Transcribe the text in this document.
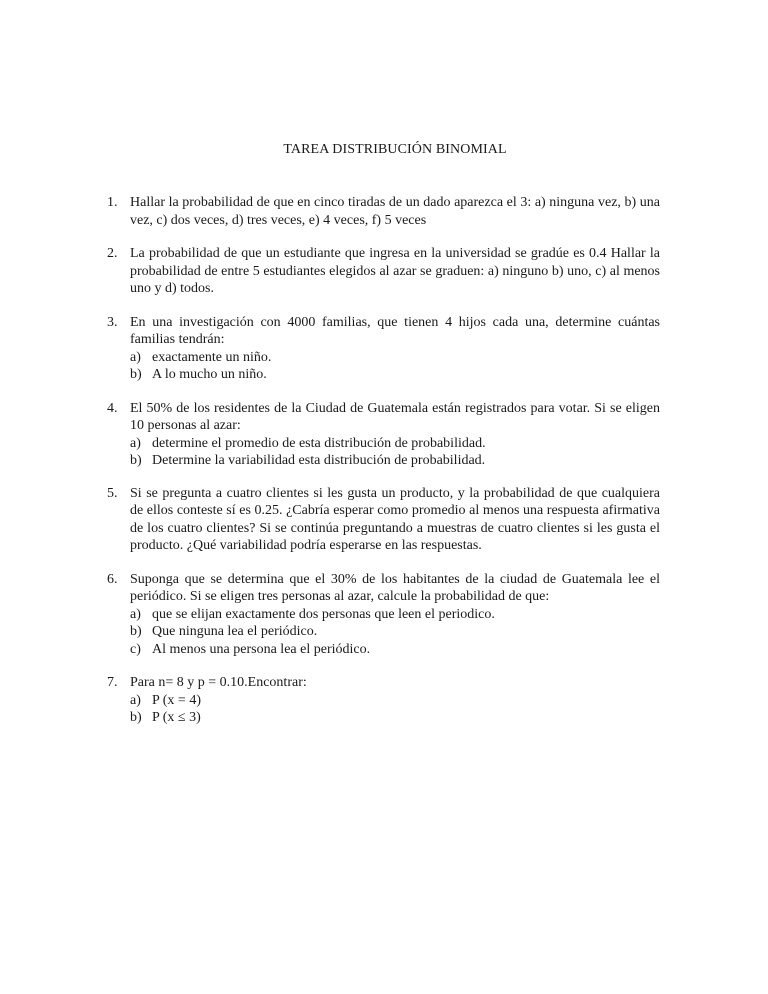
TAREA DISTRIBUCIÓN BINOMIAL
1. Hallar la probabilidad de que en cinco tiradas de un dado aparezca el 3: a) ninguna vez, b) una vez, c) dos veces, d) tres veces, e) 4 veces, f) 5 veces
2. La probabilidad de que un estudiante que ingresa en la universidad se gradúe es 0.4 Hallar la probabilidad de entre 5 estudiantes elegidos al azar se graduen: a) ninguno b) uno, c) al menos uno y d) todos.
3. En una investigación con 4000 familias, que tienen 4 hijos cada una, determine cuántas familias tendrán:
a) exactamente un niño.
b) A lo mucho un niño.
4. El 50% de los residentes de la Ciudad de Guatemala están registrados para votar. Si se eligen 10 personas al azar:
a) determine el promedio de esta distribución de probabilidad.
b) Determine la variabilidad esta distribución de probabilidad.
5. Si se pregunta a cuatro clientes si les gusta un producto, y la probabilidad de que cualquiera de ellos conteste sí es 0.25. ¿Cabría esperar como promedio al menos una respuesta afirmativa de los cuatro clientes? Si se continúa preguntando a muestras de cuatro clientes si les gusta el producto. ¿Qué variabilidad podría esperarse en las respuestas.
6. Suponga que se determina que el 30% de los habitantes de la ciudad de Guatemala lee el periódico. Si se eligen tres personas al azar, calcule la probabilidad de que:
a) que se elijan exactamente dos personas que leen el periodico.
b) Que ninguna lea el periódico.
c) Al menos una persona lea el periódico.
7. Para n= 8 y p = 0.10.Encontrar:
a) P (x = 4)
b) P (x ≤ 3)
